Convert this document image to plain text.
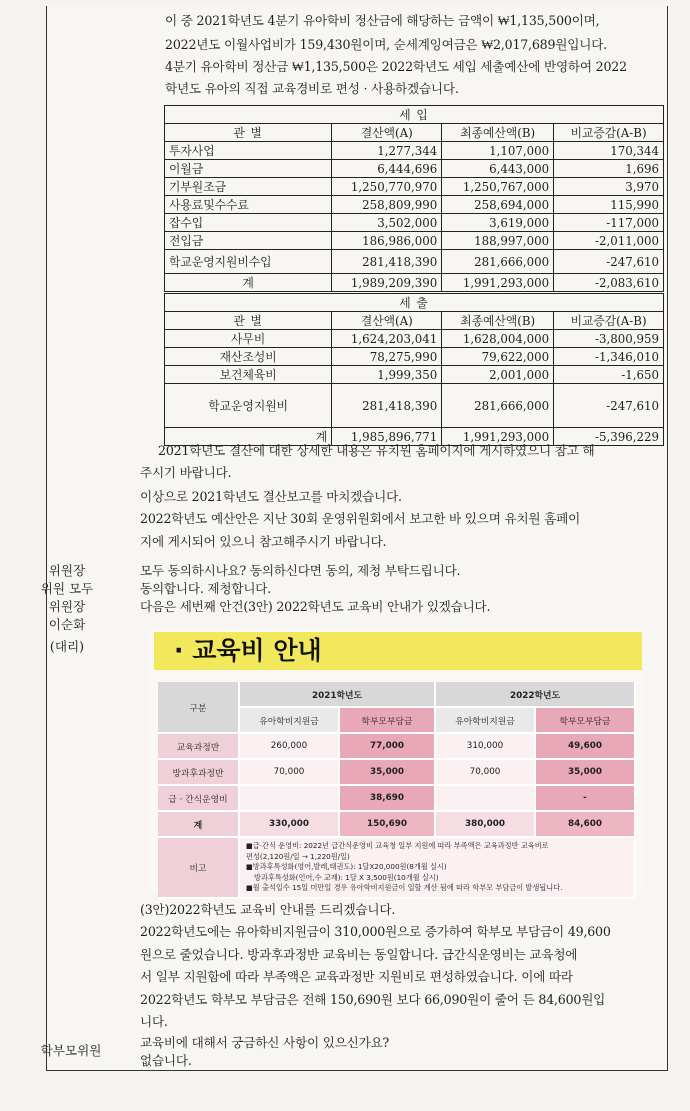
이 중 2021학년도 4분기 유아학비 정산금에 해당하는 금액이 ₩1,135,500이며,
2022년도 이월사업비가 159,430원이며, 순세계잉여금은 ₩2,017,689원입니다.
4분기 유아학비 정산금 ₩1,135,500은 2022학년도 세입 세출예산에 반영하여 2022
학년도 유아의 직접 교육경비로 편성 · 사용하겠습니다.
세 입			
관 별	결산액(A)	최종예산액(B)	비교증감(A-B)
투자사업	1,277,344	1,107,000	170,344
이월금	6,444,696	6,443,000	1,696
기부원조금	1,250,770,970	1,250,767,000	3,970
사용료및수수료	258,809,990	258,694,000	115,990
잡수입	3,502,000	3,619,000	-117,000
전입금	186,986,000	188,997,000	-2,011,000
학교운영지원비수입	281,418,390	281,666,000	-247,610
계	1,989,209,390	1,991,293,000	-2,083,610
세 출			
관 별	결산액(A)	최종예산액(B)	비교증감(A-B)
사무비	1,624,203,041	1,628,004,000	-3,800,959
재산조성비	78,275,990	79,622,000	-1,346,010
보건체육비	1,999,350	2,001,000	-1,650
학교운영지원비	281,418,390	281,666,000	-247,610
계	1,985,896,771	1,991,293,000	-5,396,229
2021학년도 결산에 대한 상세한 내용은 유치원 홈페이지에 게시하였으니 참고 해
주시기 바랍니다.
이상으로 2021학년도 결산보고를 마치겠습니다.
2022학년도 예산안은 지난 30회 운영위원회에서 보고한 바 있으며 유치원 홈페이
지에 게시되어 있으니 참고해주시기 바랍니다.
위원장
위원 모두
위원장
이순화
(대리)
학부모위원
모두 동의하시나요? 동의하신다면 동의, 제청 부탁드립니다.
동의합니다. 제청합니다.
다음은 세번째 안건(3안) 2022학년도 교육비 안내가 있겠습니다.
· 교육비 안내
구분	2021학년도		2022학년도	
	유아학비지원금	학부모부담금	유아학비지원금	학부모부담금
교육과정반	260,000	77,000	310,000	49,600
방과후과정반	70,000	35,000	70,000	35,000
급 · 간식운영비		38,690		-
계	330,000	150,690	380,000	84,600
비고	■급·간식 운영비: 2022년 급간식운영비 교육청 일부 지원에 따라 부족액은 교육과정반 교육비로
편성(2,120원/일 → 1,220원/일)
■방과후특성화(영어,발레,태권도): 1달X20,000원(8개월 실시)
방과후특성화(언어,수 교재): 1달 X 3,500원(10개월 실시)
■월 출석일수 15일 미만일 경우 유아학비지원금이 일할 계산 됨에 따라 학부모 부담금이 발생됩니다.			
(3안)2022학년도 교육비 안내를 드리겠습니다.
2022학년도에는 유아학비지원금이 310,000원으로 증가하여 학부모 부담금이 49,600
원으로 줄었습니다. 방과후과정반 교육비는 동일합니다. 급간식운영비는 교육청에
서 일부 지원함에 따라 부족액은 교육과정반 지원비로 편성하였습니다. 이에 따라
2022학년도 학부모 부담금은 전해 150,690원 보다 66,090원이 줄어 든 84,600원입
니다.
교육비에 대해서 궁금하신 사항이 있으신가요?
없습니다.
